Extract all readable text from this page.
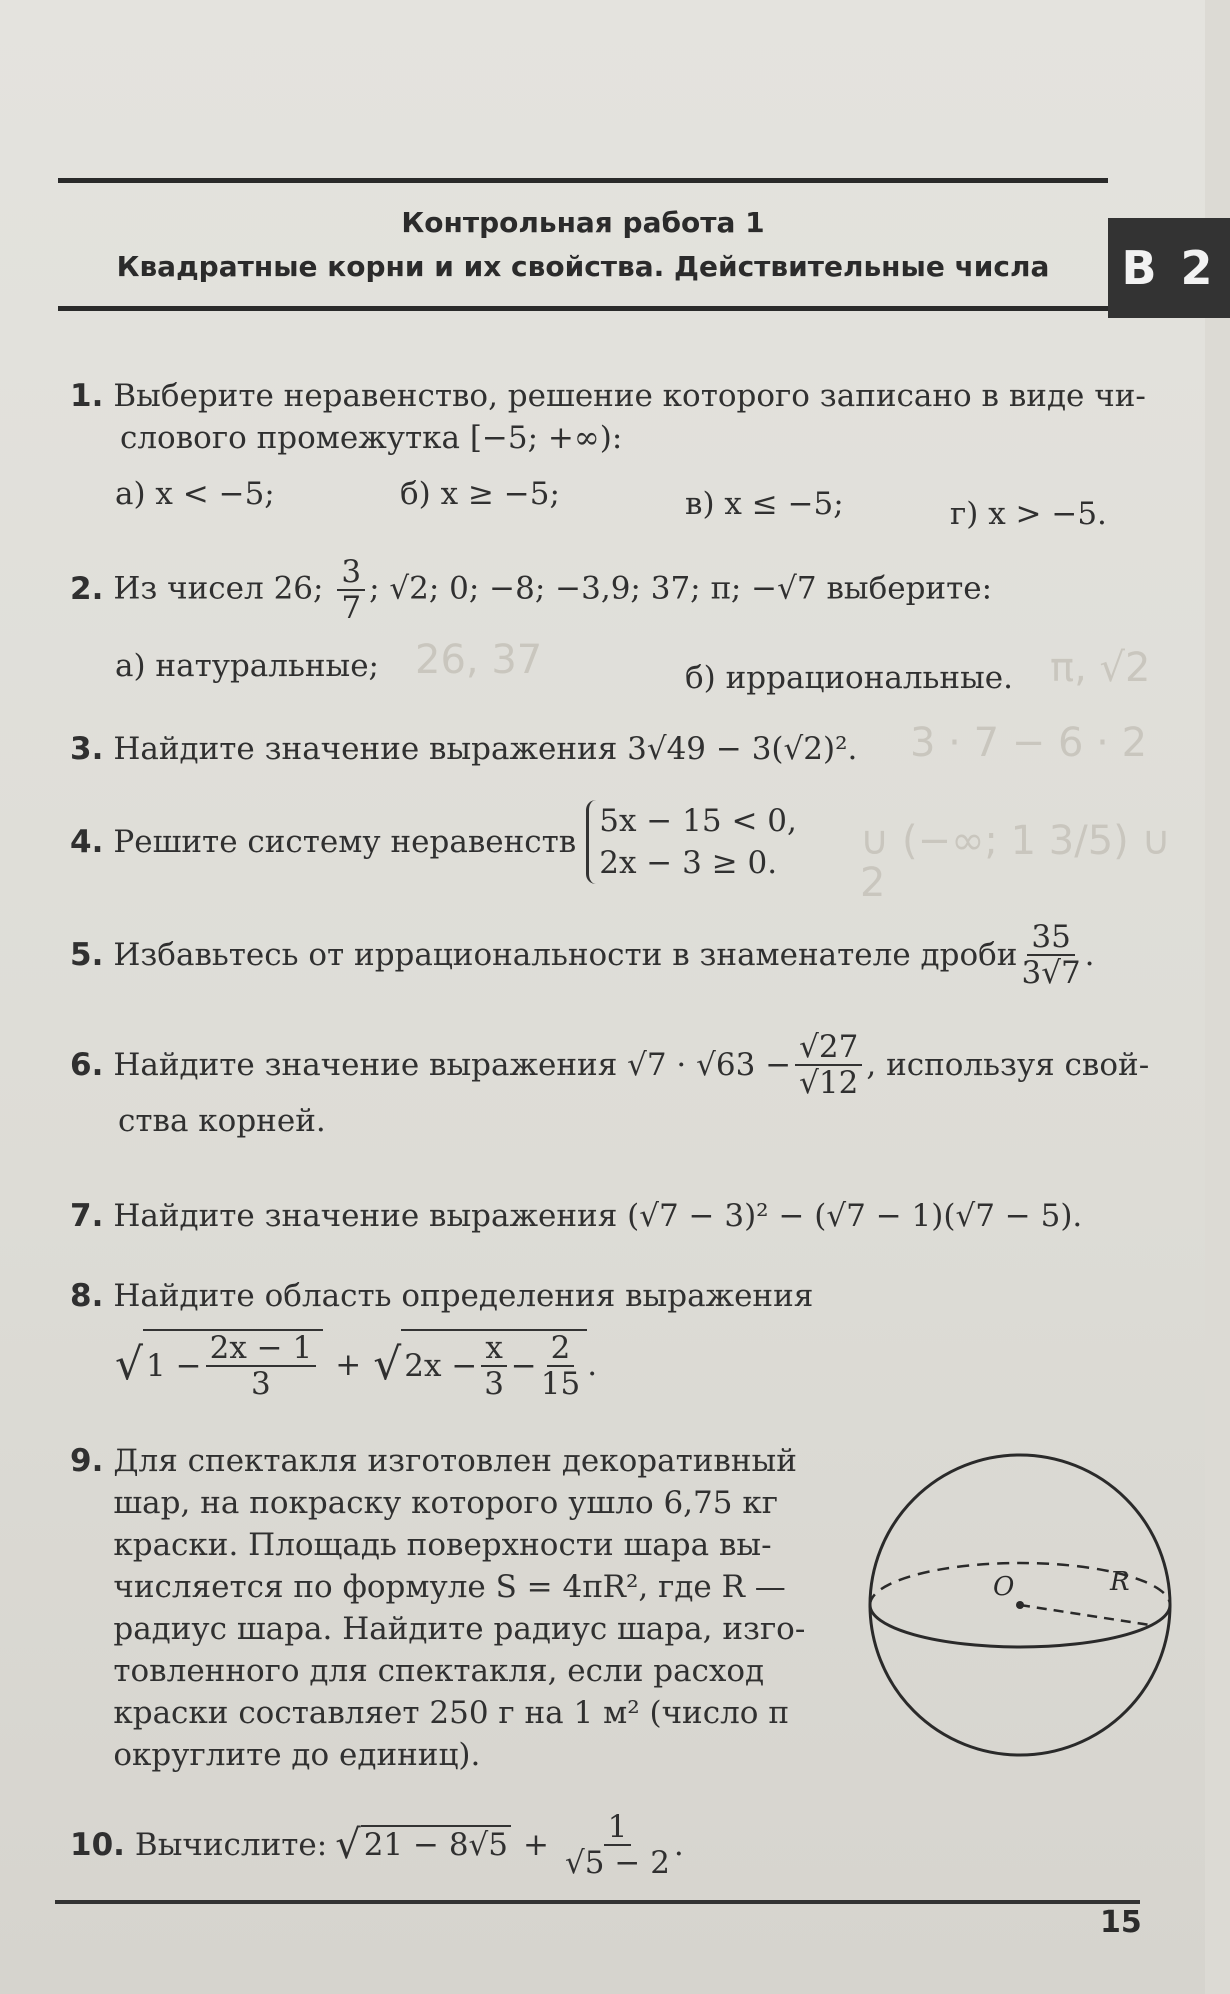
Контрольная работа 1
Квадратные корни и их свойства. Действительные числа	В 2
1. Выберите неравенство, решение которого записано в виде чи-
слового промежутка [−5; +∞):
а) x < −5;	б) x ≥ −5;	в) x ≤ −5;	г) x > −5.
2. Из чисел 26; $\frac{3}{7}$ ; √2; 0; −8; −3,9; 37; π; −√7 выберите:
а) натуральные; 26, 37	б) иррациональные. π, √2
3. Найдите значение выражения 3√49 − 3(√2)².	3 · 7 − 6 · 2
4. Решите систему неравенств
5x − 15 < 0,
2x − 3 ≥ 0.	∪ (−∞; 1 3/5) ∪ 2
5. Избавьтесь от иррациональности в знаменателе дроби $\frac{35}{3√7}$ .
6. Найдите значение выражения $√7 \cdot √63 - \frac{√27}{√12}$ , используя свой-
ства корней.
7. Найдите значение выражения (√7 − 3)² − (√7 − 1)(√7 − 5).
8. Найдите область определения выражения
√ $1 - \frac{2x - 1}{3}$ + √ $2x - \frac{x}{3} - \frac{2}{15}$ .
9. Для спектакля изготовлен декоративный
шар, на покраску которого ушло 6,75 кг
краски. Площадь поверхности шара вы-
числяется по формуле S = 4πR², где R —
радиус шара. Найдите радиус шара, изго-
товленного для спектакля, если расход
краски составляет 250 г на 1 м² (число π
округлите до единиц).
O	R
10. Вычислите: √ $21 - 8√5 + \frac{1}{√5 - 2}$ .
15
